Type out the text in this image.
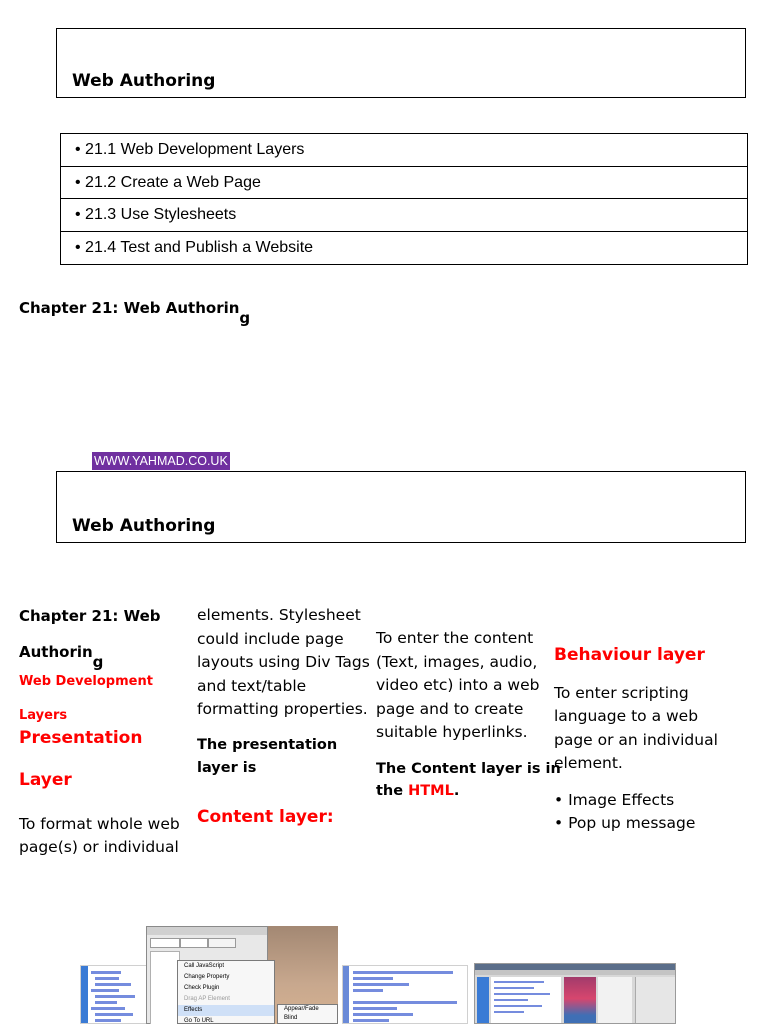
Web Authoring
• 21.1 Web Development Layers
• 21.2 Create a Web Page
• 21.3 Use Stylesheets
• 21.4 Test and Publish a Website
Chapter 21: Web Authoring
WWW.YAHMAD.CO.UK
Web Authoring
Chapter 21: Web
Authoring
Web Development
Layers Presentation
Layer
To format whole web
page(s) or individual
elements. Stylesheet
could include page
layouts using Div Tags
and text/table
formatting properties.
The presentation
layer is
Content layer:
To enter the content
(Text, images, audio,
video etc) into a web
page and to create
suitable hyperlinks.
The Content layer is in
the HTML.
Behaviour layer
To enter scripting
language to a web
page or an individual
element.
• Image Effects
• Pop up message
Call JavaScript
Change Property
Check Plugin
Drag AP Element
Effects
Go To URL
Appear/Fade
Blind
